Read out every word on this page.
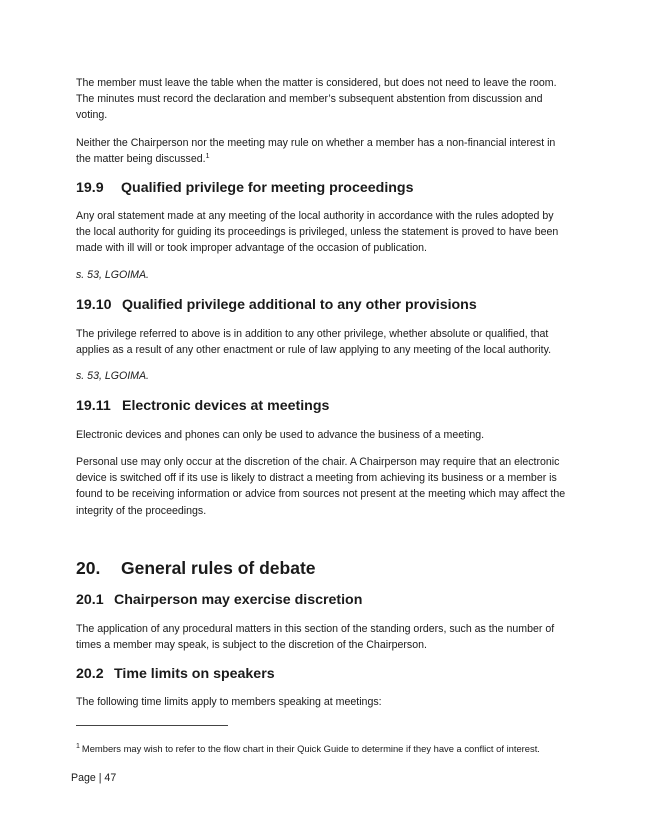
The member must leave the table when the matter is considered, but does not need to leave the room. The minutes must record the declaration and member’s subsequent abstention from discussion and voting.

Neither the Chairperson nor the meeting may rule on whether a member has a non-financial interest in the matter being discussed.$^1$

19.9 Qualified privilege for meeting proceedings

Any oral statement made at any meeting of the local authority in accordance with the rules adopted by the local authority for guiding its proceedings is privileged, unless the statement is proved to have been made with ill will or took improper advantage of the occasion of publication.

s. 53, LGOIMA.

19.10 Qualified privilege additional to any other provisions

The privilege referred to above is in addition to any other privilege, whether absolute or qualified, that applies as a result of any other enactment or rule of law applying to any meeting of the local authority.

s. 53, LGOIMA.

19.11 Electronic devices at meetings

Electronic devices and phones can only be used to advance the business of a meeting.

Personal use may only occur at the discretion of the chair. A Chairperson may require that an electronic device is switched off if its use is likely to distract a meeting from achieving its business or a member is found to be receiving information or advice from sources not present at the meeting which may affect the integrity of the proceedings.

20. General rules of debate
20.1 Chairperson may exercise discretion

The application of any procedural matters in this section of the standing orders, such as the number of times a member may speak, is subject to the discretion of the Chairperson.

20.2 Time limits on speakers

The following time limits apply to members speaking at meetings:

$^1$ Members may wish to refer to the flow chart in their Quick Guide to determine if they have a conflict of interest.
Page | 47
